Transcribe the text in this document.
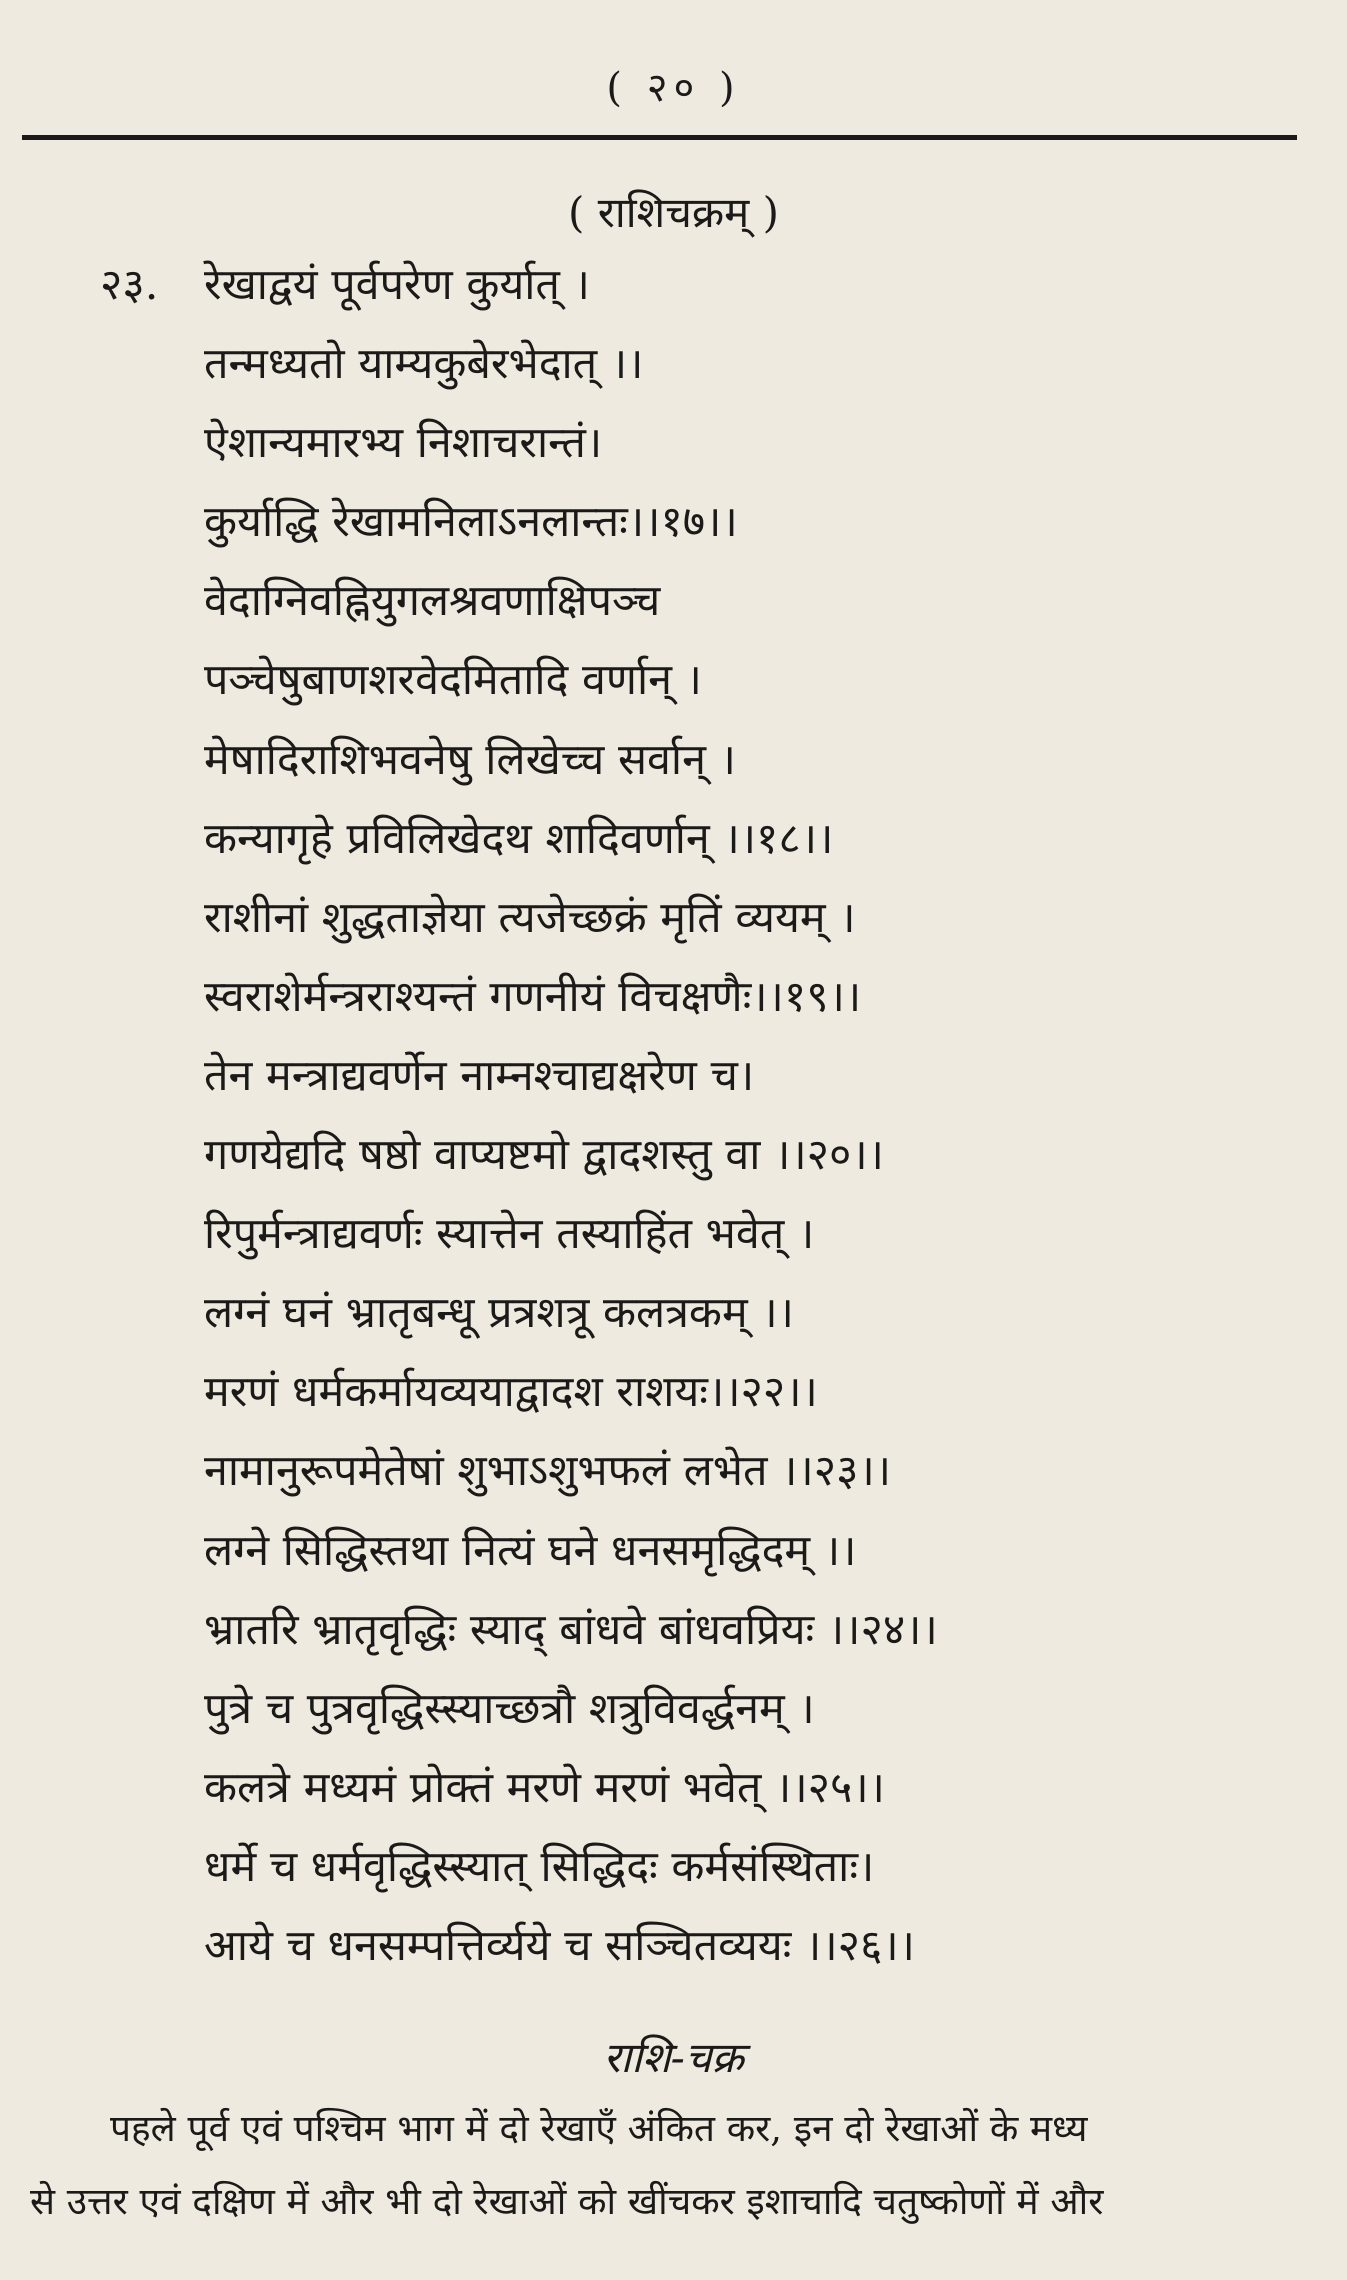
( २० )
( राशिचक्रम् )
२३. रेखाद्वयं पूर्वपरेण कुर्यात् ।
तन्मध्यतो याम्यकुबेरभेदात् ।।
ऐशान्यमारभ्य निशाचरान्तं।
कुर्याद्धि रेखामनिलाऽनलान्तः।।१७।।
वेदाग्निवह्नियुगलश्रवणाक्षिपञ्च
पञ्चेषुबाणशरवेदमितादि वर्णान् ।
मेषादिराशिभवनेषु लिखेच्च सर्वान् ।
कन्यागृहे प्रविलिखेदथ शादिवर्णान् ।।१८।।
राशीनां शुद्धताज्ञेया त्यजेच्छक्रं मृतिं व्ययम् ।
स्वराशेर्मन्त्रराश्यन्तं गणनीयं विचक्षणैः।।१९।।
तेन मन्त्राद्यवर्णेन नाम्नश्चाद्यक्षरेण च।
गणयेद्यदि षष्ठो वाप्यष्टमो द्वादशस्तु वा ।।२०।।
रिपुर्मन्त्राद्यवर्णः स्यात्तेन तस्याहिंत भवेत् ।
लग्नं घनं भ्रातृबन्धू प्रत्रशत्रू कलत्रकम् ।।
मरणं धर्मकर्मायव्ययाद्वादश राशयः।।२२।।
नामानुरूपमेतेषां शुभाऽशुभफलं लभेत ।।२३।।
लग्ने सिद्धिस्तथा नित्यं घने धनसमृद्धिदम् ।।
भ्रातरि भ्रातृवृद्धिः स्याद् बांधवे बांधवप्रियः ।।२४।।
पुत्रे च पुत्रवृद्धिस्स्याच्छत्रौ शत्रुविवर्द्धनम् ।
कलत्रे मध्यमं प्रोक्तं मरणे मरणं भवेत् ।।२५।।
धर्मे च धर्मवृद्धिस्स्यात् सिद्धिदः कर्मसंस्थिताः।
आये च धनसम्पत्तिर्व्यये च सञ्चितव्ययः ।।२६।।
राशि-चक्र

पहले पूर्व एवं पश्चिम भाग में दो रेखाएँ अंकित कर, इन दो रेखाओं के मध्य

से उत्तर एवं दक्षिण में और भी दो रेखाओं को खींचकर इशाचादि चतुष्कोणों में और
